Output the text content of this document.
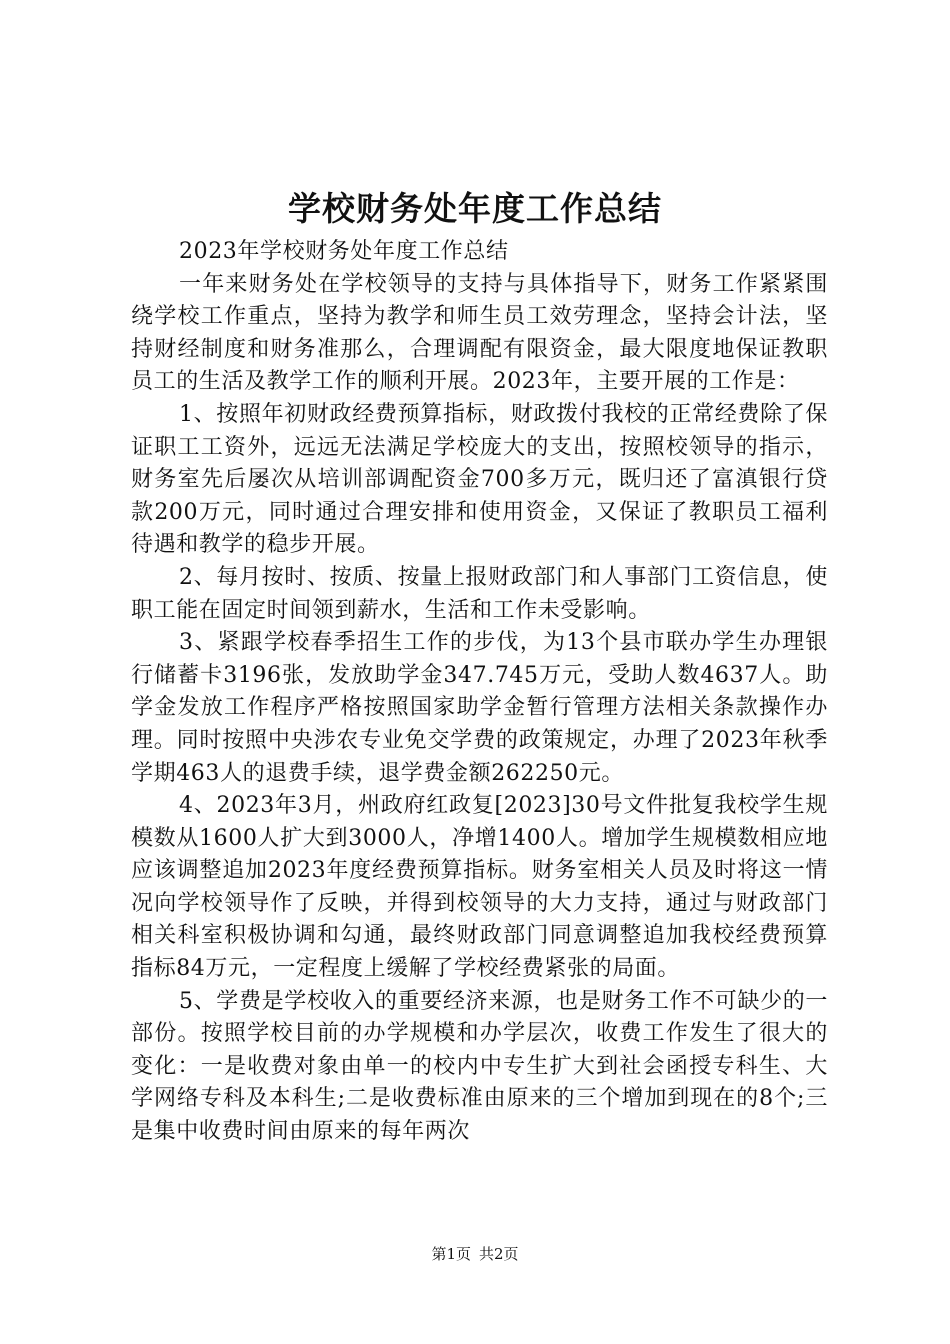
学校财务处年度工作总结

2023年学校财务处年度工作总结

一年来财务处在学校领导的支持与具体指导下，财务工作紧紧围绕学校工作重点，坚持为教学和师生员工效劳理念，坚持会计法，坚持财经制度和财务准那么，合理调配有限资金，最大限度地保证教职员工的生活及教学工作的顺利开展。2023年，主要开展的工作是：

1、按照年初财政经费预算指标，财政拨付我校的正常经费除了保证职工工资外，远远无法满足学校庞大的支出，按照校领导的指示，财务室先后屡次从培训部调配资金700多万元，既归还了富滇银行贷款200万元，同时通过合理安排和使用资金，又保证了教职员工福利待遇和教学的稳步开展。

2、每月按时、按质、按量上报财政部门和人事部门工资信息，使职工能在固定时间领到薪水，生活和工作未受影响。

3、紧跟学校春季招生工作的步伐，为13个县市联办学生办理银行储蓄卡3196张，发放助学金347.745万元，受助人数4637人。助学金发放工作程序严格按照国家助学金暂行管理方法相关条款操作办理。同时按照中央涉农专业免交学费的政策规定，办理了2023年秋季学期463人的退费手续，退学费金额262250元。

4、2023年3月，州政府红政复[2023]30号文件批复我校学生规模数从1600人扩大到3000人，净增1400人。增加学生规模数相应地应该调整追加2023年度经费预算指标。财务室相关人员及时将这一情况向学校领导作了反映，并得到校领导的大力支持，通过与财政部门相关科室积极协调和勾通，最终财政部门同意调整追加我校经费预算指标84万元，一定程度上缓解了学校经费紧张的局面。

5、学费是学校收入的重要经济来源，也是财务工作不可缺少的一部份。按照学校目前的办学规模和办学层次，收费工作发生了很大的变化：一是收费对象由单一的校内中专生扩大到社会函授专科生、大学网络专科及本科生;二是收费标准由原来的三个增加到现在的8个;三是集中收费时间由原来的每年两次

第1页 共2页
